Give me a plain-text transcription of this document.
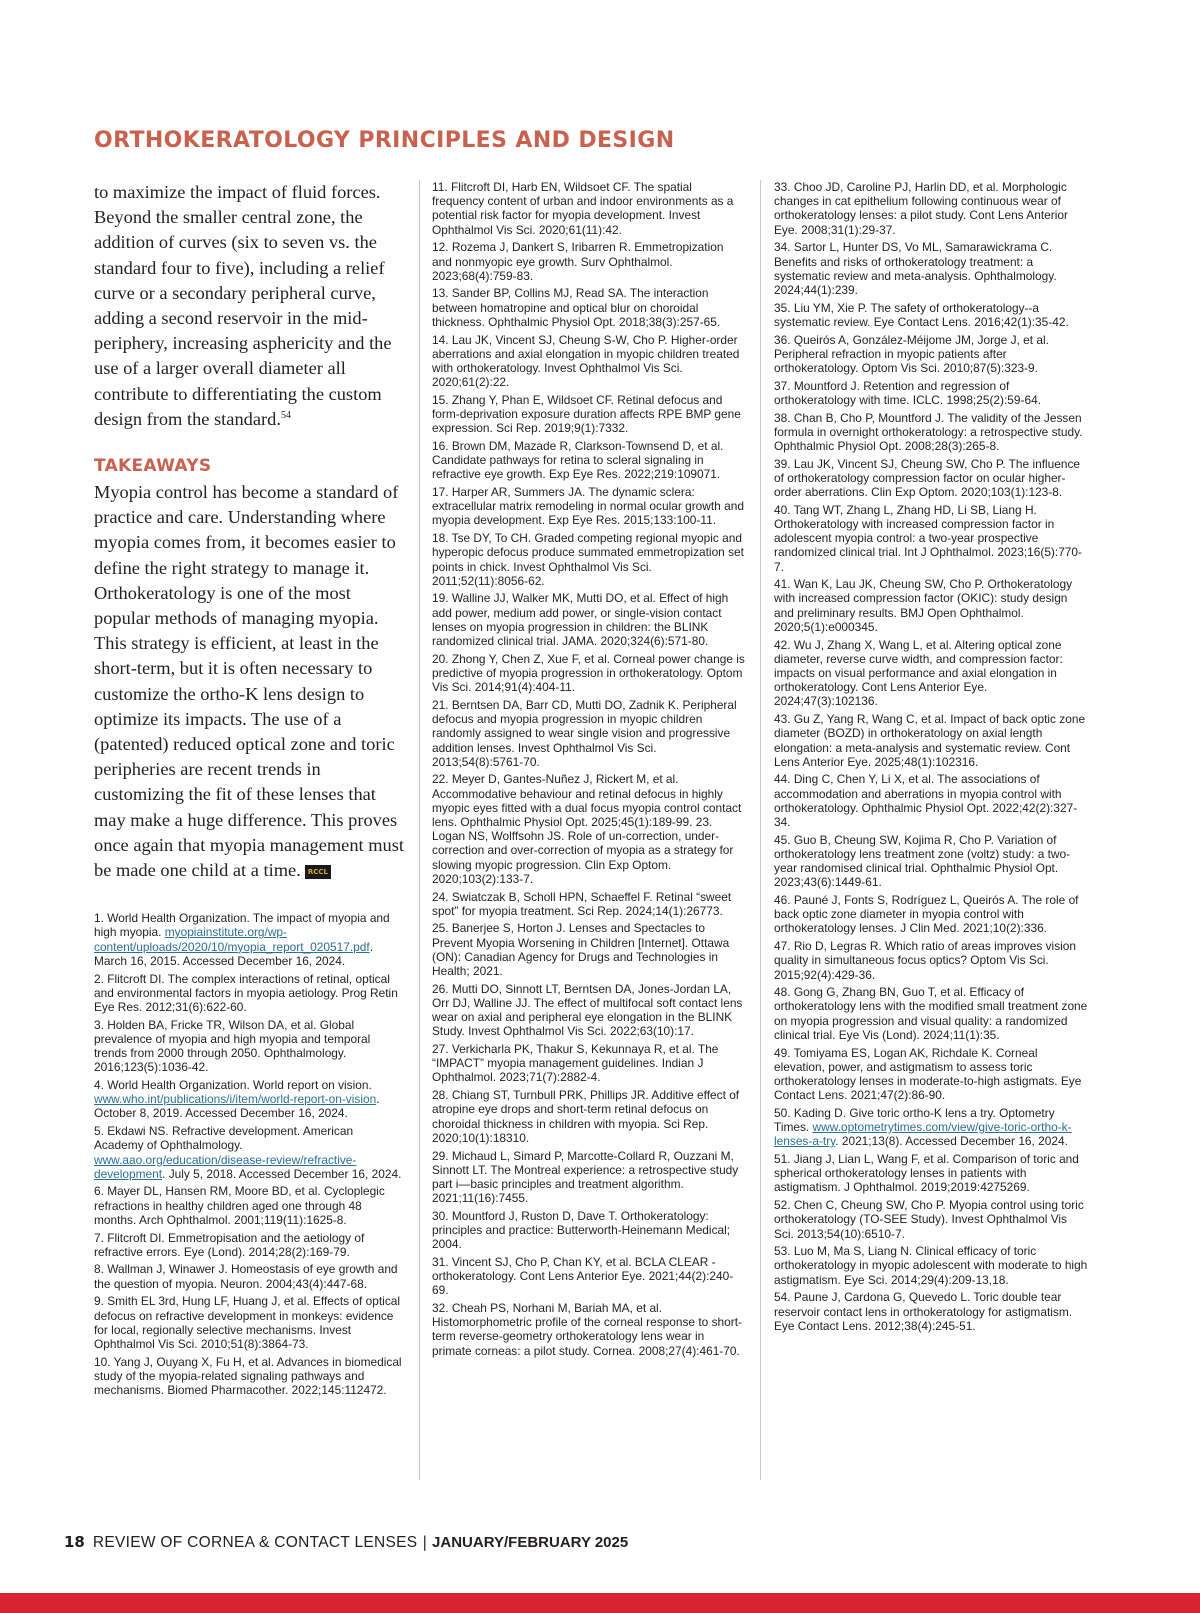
ORTHOKERATOLOGY PRINCIPLES AND DESIGN

to maximize the impact of fluid forces. Beyond the smaller central zone, the addition of curves (six to seven vs. the standard four to five), including a relief curve or a secondary peripheral curve, adding a second reservoir in the mid-periphery, increasing asphericity and the use of a larger overall diameter all contribute to differentiating the custom design from the standard.$^{54}$

TAKEAWAYS

Myopia control has become a standard of practice and care. Understanding where myopia comes from, it becomes easier to define the right strategy to manage it. Orthokeratology is one of the most popular methods of managing myopia. This strategy is efficient, at least in the short-term, but it is often necessary to customize the ortho-K lens design to optimize its impacts. The use of a (patented) reduced optical zone and toric peripheries are recent trends in customizing the fit of these lenses that may make a huge difference. This proves once again that myopia management must be made one child at a time. RCCL

1. World Health Organization. The impact of myopia and high myopia. myopiainstitute.org/wp-content/uploads/2020/10/myopia_report_020517.pdf. March 16, 2015. Accessed December 16, 2024.
2. Flitcroft DI. The complex interactions of retinal, optical and environmental factors in myopia aetiology. Prog Retin Eye Res. 2012;31(6):622-60.
3. Holden BA, Fricke TR, Wilson DA, et al. Global prevalence of myopia and high myopia and temporal trends from 2000 through 2050. Ophthalmology. 2016;123(5):1036-42.
4. World Health Organization. World report on vision. www.who.int/publications/i/item/world-report-on-vision. October 8, 2019. Accessed December 16, 2024.
5. Ekdawi NS. Refractive development. American Academy of Ophthalmology. www.aao.org/education/disease-review/refractive-development. July 5, 2018. Accessed December 16, 2024.
6. Mayer DL, Hansen RM, Moore BD, et al. Cycloplegic refractions in healthy children aged one through 48 months. Arch Ophthalmol. 2001;119(11):1625-8.
7. Flitcroft DI. Emmetropisation and the aetiology of refractive errors. Eye (Lond). 2014;28(2):169-79.
8. Wallman J, Winawer J. Homeostasis of eye growth and the question of myopia. Neuron. 2004;43(4):447-68.
9. Smith EL 3rd, Hung LF, Huang J, et al. Effects of optical defocus on refractive development in monkeys: evidence for local, regionally selective mechanisms. Invest Ophthalmol Vis Sci. 2010;51(8):3864-73.
10. Yang J, Ouyang X, Fu H, et al. Advances in biomedical study of the myopia-related signaling pathways and mechanisms. Biomed Pharmacother. 2022;145:112472.
11. Flitcroft DI, Harb EN, Wildsoet CF. The spatial frequency content of urban and indoor environments as a potential risk factor for myopia development. Invest Ophthalmol Vis Sci. 2020;61(11):42.
12. Rozema J, Dankert S, Iribarren R. Emmetropization and nonmyopic eye growth. Surv Ophthalmol. 2023;68(4):759-83.
13. Sander BP, Collins MJ, Read SA. The interaction between homatropine and optical blur on choroidal thickness. Ophthalmic Physiol Opt. 2018;38(3):257-65.
14. Lau JK, Vincent SJ, Cheung S-W, Cho P. Higher-order aberrations and axial elongation in myopic children treated with orthokeratology. Invest Ophthalmol Vis Sci. 2020;61(2):22.
15. Zhang Y, Phan E, Wildsoet CF. Retinal defocus and form-deprivation exposure duration affects RPE BMP gene expression. Sci Rep. 2019;9(1):7332.
16. Brown DM, Mazade R, Clarkson-Townsend D, et al. Candidate pathways for retina to scleral signaling in refractive eye growth. Exp Eye Res. 2022;219:109071.
17. Harper AR, Summers JA. The dynamic sclera: extracellular matrix remodeling in normal ocular growth and myopia development. Exp Eye Res. 2015;133:100-11.
18. Tse DY, To CH. Graded competing regional myopic and hyperopic defocus produce summated emmetropization set points in chick. Invest Ophthalmol Vis Sci. 2011;52(11):8056-62.
19. Walline JJ, Walker MK, Mutti DO, et al. Effect of high add power, medium add power, or single-vision contact lenses on myopia progression in children: the BLINK randomized clinical trial. JAMA. 2020;324(6):571-80.
20. Zhong Y, Chen Z, Xue F, et al. Corneal power change is predictive of myopia progression in orthokeratology. Optom Vis Sci. 2014;91(4):404-11.
21. Berntsen DA, Barr CD, Mutti DO, Zadnik K. Peripheral defocus and myopia progression in myopic children randomly assigned to wear single vision and progressive addition lenses. Invest Ophthalmol Vis Sci. 2013;54(8):5761-70.
22. Meyer D, Gantes-Nuñez J, Rickert M, et al. Accommodative behaviour and retinal defocus in highly myopic eyes fitted with a dual focus myopia control contact lens. Ophthalmic Physiol Opt. 2025;45(1):189-99. 23. Logan NS, Wolffsohn JS. Role of un-correction, under-correction and over-correction of myopia as a strategy for slowing myopic progression. Clin Exp Optom. 2020;103(2):133-7.
24. Swiatczak B, Scholl HPN, Schaeffel F. Retinal “sweet spot” for myopia treatment. Sci Rep. 2024;14(1):26773.
25. Banerjee S, Horton J. Lenses and Spectacles to Prevent Myopia Worsening in Children [Internet]. Ottawa (ON): Canadian Agency for Drugs and Technologies in Health; 2021.
26. Mutti DO, Sinnott LT, Berntsen DA, Jones-Jordan LA, Orr DJ, Walline JJ. The effect of multifocal soft contact lens wear on axial and peripheral eye elongation in the BLINK Study. Invest Ophthalmol Vis Sci. 2022;63(10):17.
27. Verkicharla PK, Thakur S, Kekunnaya R, et al. The “IMPACT” myopia management guidelines. Indian J Ophthalmol. 2023;71(7):2882-4.
28. Chiang ST, Turnbull PRK, Phillips JR. Additive effect of atropine eye drops and short-term retinal defocus on choroidal thickness in children with myopia. Sci Rep. 2020;10(1):18310.
29. Michaud L, Simard P, Marcotte-Collard R, Ouzzani M, Sinnott LT. The Montreal experience: a retrospective study part i—basic principles and treatment algorithm. 2021;11(16):7455.
30. Mountford J, Ruston D, Dave T. Orthokeratology: principles and practice: Butterworth-Heinemann Medical; 2004.
31. Vincent SJ, Cho P, Chan KY, et al. BCLA CLEAR - orthokeratology. Cont Lens Anterior Eye. 2021;44(2):240-69.
32. Cheah PS, Norhani M, Bariah MA, et al. Histomorphometric profile of the corneal response to short-term reverse-geometry orthokeratology lens wear in primate corneas: a pilot study. Cornea. 2008;27(4):461-70.
33. Choo JD, Caroline PJ, Harlin DD, et al. Morphologic changes in cat epithelium following continuous wear of orthokeratology lenses: a pilot study. Cont Lens Anterior Eye. 2008;31(1):29-37.
34. Sartor L, Hunter DS, Vo ML, Samarawickrama C. Benefits and risks of orthokeratology treatment: a systematic review and meta-analysis. Ophthalmology. 2024;44(1):239.
35. Liu YM, Xie P. The safety of orthokeratology--a systematic review. Eye Contact Lens. 2016;42(1):35-42.
36. Queirós A, González-Méijome JM, Jorge J, et al. Peripheral refraction in myopic patients after orthokeratology. Optom Vis Sci. 2010;87(5):323-9.
37. Mountford J. Retention and regression of orthokeratology with time. ICLC. 1998;25(2):59-64.
38. Chan B, Cho P, Mountford J. The validity of the Jessen formula in overnight orthokeratology: a retrospective study. Ophthalmic Physiol Opt. 2008;28(3):265-8.
39. Lau JK, Vincent SJ, Cheung SW, Cho P. The influence of orthokeratology compression factor on ocular higher-order aberrations. Clin Exp Optom. 2020;103(1):123-8.
40. Tang WT, Zhang L, Zhang HD, Li SB, Liang H. Orthokeratology with increased compression factor in adolescent myopia control: a two-year prospective randomized clinical trial. Int J Ophthalmol. 2023;16(5):770-7.
41. Wan K, Lau JK, Cheung SW, Cho P. Orthokeratology with increased compression factor (OKIC): study design and preliminary results. BMJ Open Ophthalmol. 2020;5(1):e000345.
42. Wu J, Zhang X, Wang L, et al. Altering optical zone diameter, reverse curve width, and compression factor: impacts on visual performance and axial elongation in orthokeratology. Cont Lens Anterior Eye. 2024;47(3):102136.
43. Gu Z, Yang R, Wang C, et al. Impact of back optic zone diameter (BOZD) in orthokeratology on axial length elongation: a meta-analysis and systematic review. Cont Lens Anterior Eye. 2025;48(1):102316.
44. Ding C, Chen Y, Li X, et al. The associations of accommodation and aberrations in myopia control with orthokeratology. Ophthalmic Physiol Opt. 2022;42(2):327-34.
45. Guo B, Cheung SW, Kojima R, Cho P. Variation of orthokeratology lens treatment zone (voltz) study: a two-year randomised clinical trial. Ophthalmic Physiol Opt. 2023;43(6):1449-61.
46. Pauné J, Fonts S, Rodríguez L, Queirós A. The role of back optic zone diameter in myopia control with orthokeratology lenses. J Clin Med. 2021;10(2):336.
47. Rio D, Legras R. Which ratio of areas improves vision quality in simultaneous focus optics? Optom Vis Sci. 2015;92(4):429-36.
48. Gong G, Zhang BN, Guo T, et al. Efficacy of orthokeratology lens with the modified small treatment zone on myopia progression and visual quality: a randomized clinical trial. Eye Vis (Lond). 2024;11(1):35.
49. Tomiyama ES, Logan AK, Richdale K. Corneal elevation, power, and astigmatism to assess toric orthokeratology lenses in moderate-to-high astigmats. Eye Contact Lens. 2021;47(2):86-90.
50. Kading D. Give toric ortho-K lens a try. Optometry Times. www.optometrytimes.com/view/give-toric-ortho-k-lenses-a-try. 2021;13(8). Accessed December 16, 2024.
51. Jiang J, Lian L, Wang F, et al. Comparison of toric and spherical orthokeratology lenses in patients with astigmatism. J Ophthalmol. 2019;2019:4275269.
52. Chen C, Cheung SW, Cho P. Myopia control using toric orthokeratology (TO-SEE Study). Invest Ophthalmol Vis Sci. 2013;54(10):6510-7.
53. Luo M, Ma S, Liang N. Clinical efficacy of toric orthokeratology in myopic adolescent with moderate to high astigmatism. Eye Sci. 2014;29(4):209-13,18.
54. Paune J, Cardona G, Quevedo L. Toric double tear reservoir contact lens in orthokeratology for astigmatism. Eye Contact Lens. 2012;38(4):245-51.
18 REVIEW OF CORNEA & CONTACT LENSES | JANUARY/FEBRUARY 2025
